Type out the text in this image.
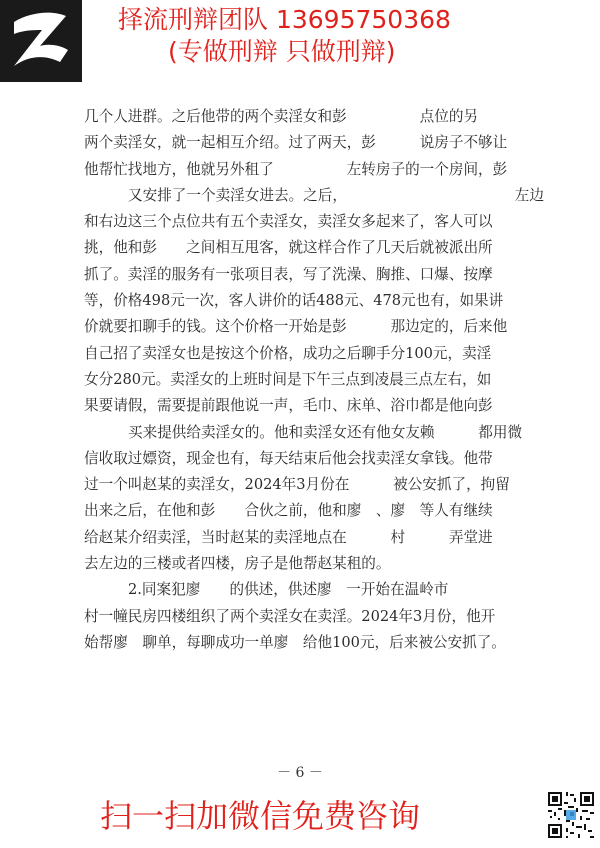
择流刑辩团队 13695750368
(专做刑辩 只做刑辩)
几个人进群。之后他带的两个卖淫女和彭　　　　　点位的另
两个卖淫女，就一起相互介绍。过了两天，彭　　　说房子不够让
他帮忙找地方，他就另外租了　　　　　左转房子的一个房间，彭
又安排了一个卖淫女进去。之后，　　　　　　　　　　　　左边
和右边这三个点位共有五个卖淫女，卖淫女多起来了，客人可以
挑，他和彭　　之间相互甩客，就这样合作了几天后就被派出所
抓了。卖淫的服务有一张项目表，写了洗澡、胸推、口爆、按摩
等，价格498元一次，客人讲价的话488元、478元也有，如果讲
价就要扣聊手的钱。这个价格一开始是彭　　　那边定的，后来他
自己招了卖淫女也是按这个价格，成功之后聊手分100元，卖淫
女分280元。卖淫女的上班时间是下午三点到凌晨三点左右，如
果要请假，需要提前跟他说一声，毛巾、床单、浴巾都是他向彭
买来提供给卖淫女的。他和卖淫女还有他女友赖　　　都用微
信收取过嫖资，现金也有，每天结束后他会找卖淫女拿钱。他带
过一个叫赵某的卖淫女，2024年3月份在　　　被公安抓了，拘留
出来之后，在他和彭　　合伙之前，他和廖　、廖　等人有继续
给赵某介绍卖淫，当时赵某的卖淫地点在　　　村　　　弄堂进
去左边的三楼或者四楼，房子是他帮赵某租的。
2.同案犯廖　　的供述，供述廖　一开始在温岭市
村一幢民房四楼组织了两个卖淫女在卖淫。2024年3月份，他开
始帮廖　聊单，每聊成功一单廖　给他100元，后来被公安抓了。
－ 6 －
扫一扫加微信免费咨询
